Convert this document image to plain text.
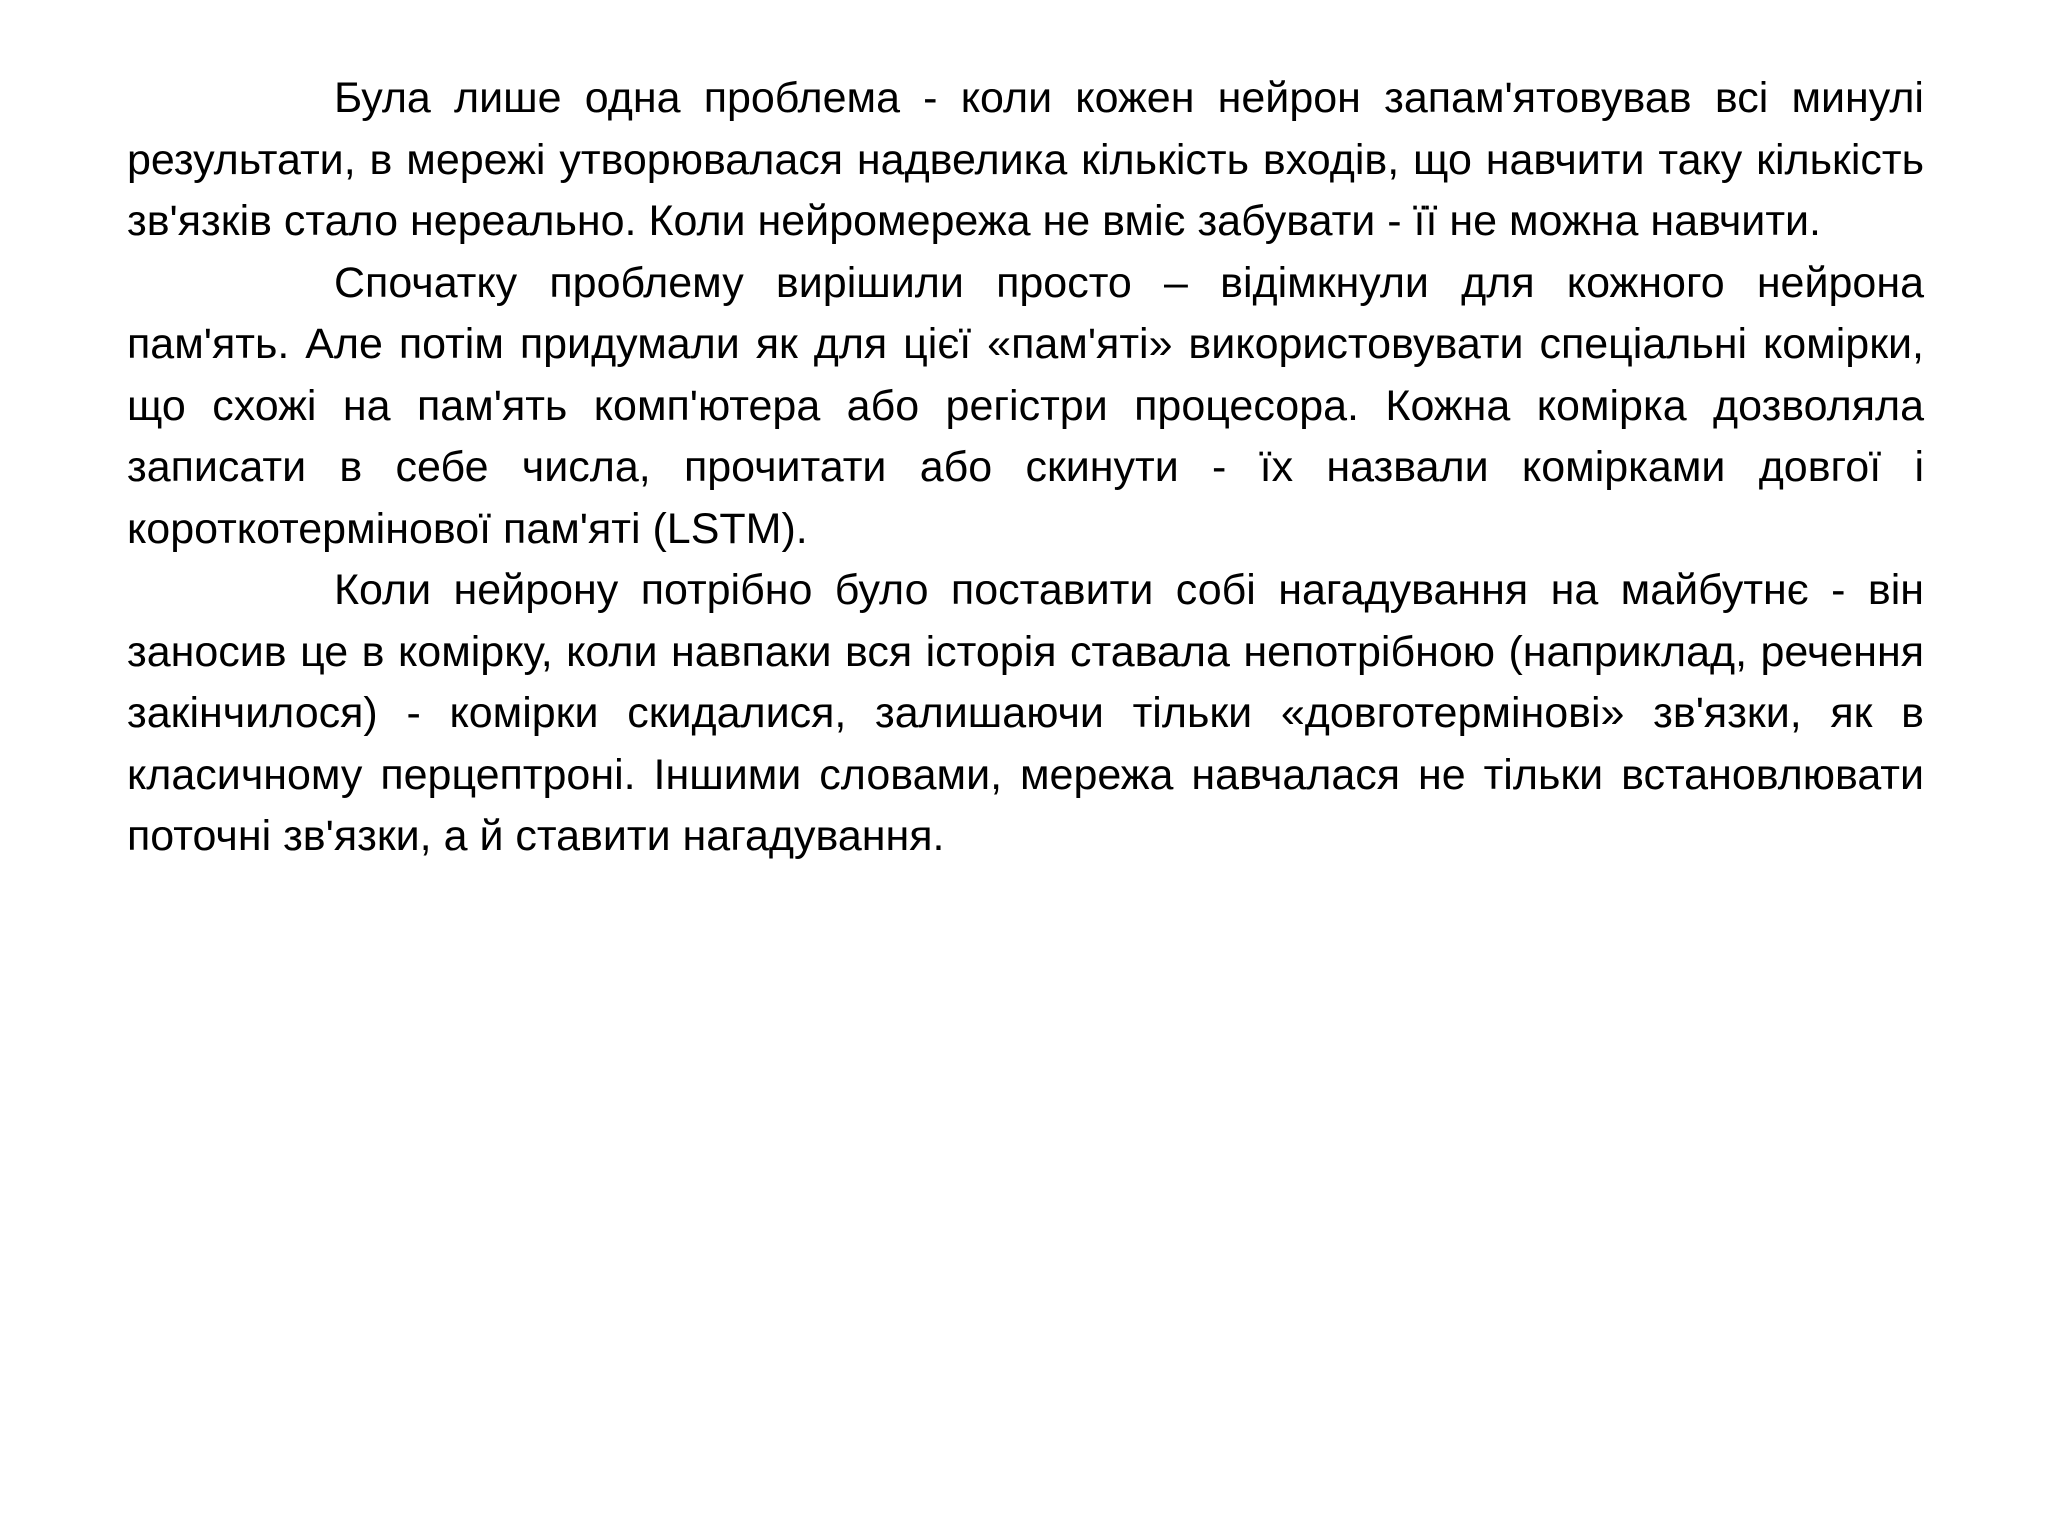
Була лише одна проблема - коли кожен нейрон запам'ятовував всі минулі результати, в мережі утворювалася надвелика кількість входів, що навчити таку кількість зв'язків стало нереально. Коли нейромережа не вміє забувати - її не можна навчити.

Спочатку проблему вирішили просто – відімкнули для кожного нейрона пам'ять. Але потім придумали як для цієї «пам'яті» використовувати спеціальні комірки, що схожі на пам'ять комп'ютера або регістри процесора. Кожна комірка дозволяла записати в себе числа, прочитати або скинути - їх назвали комірками довгої і короткотермінової пам'яті (LSTM).

Коли нейрону потрібно було поставити собі нагадування на майбутнє - він заносив це в комірку, коли навпаки вся історія ставала непотрібною (наприклад, речення закінчилося) - комірки скидалися, залишаючи тільки «довготермінові» зв'язки, як в класичному перцептроні. Іншими словами, мережа навчалася не тільки встановлювати поточні зв'язки, а й ставити нагадування.
